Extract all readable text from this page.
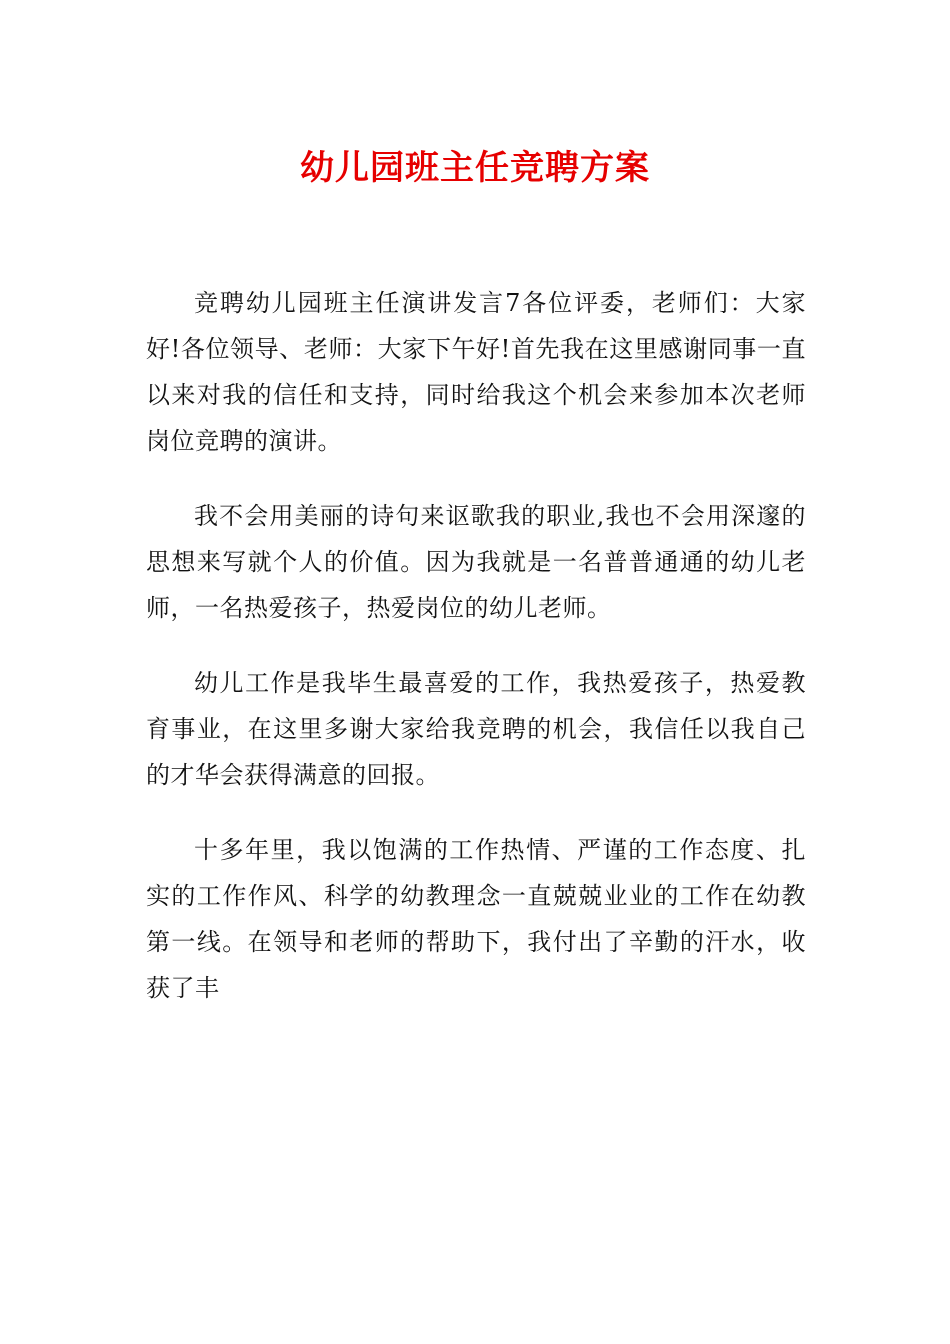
幼儿园班主任竞聘方案

竞聘幼儿园班主任演讲发言7各位评委，老师们：大家好!各位领导、老师：大家下午好!首先我在这里感谢同事一直以来对我的信任和支持，同时给我这个机会来参加本次老师岗位竞聘的演讲。

我不会用美丽的诗句来讴歌我的职业,我也不会用深邃的思想来写就个人的价值。因为我就是一名普普通通的幼儿老师，一名热爱孩子，热爱岗位的幼儿老师。

幼儿工作是我毕生最喜爱的工作，我热爱孩子，热爱教育事业，在这里多谢大家给我竞聘的机会，我信任以我自己的才华会获得满意的回报。

十多年里，我以饱满的工作热情、严谨的工作态度、扎实的工作作风、科学的幼教理念一直兢兢业业的工作在幼教第一线。在领导和老师的帮助下，我付出了辛勤的汗水，收获了丰
